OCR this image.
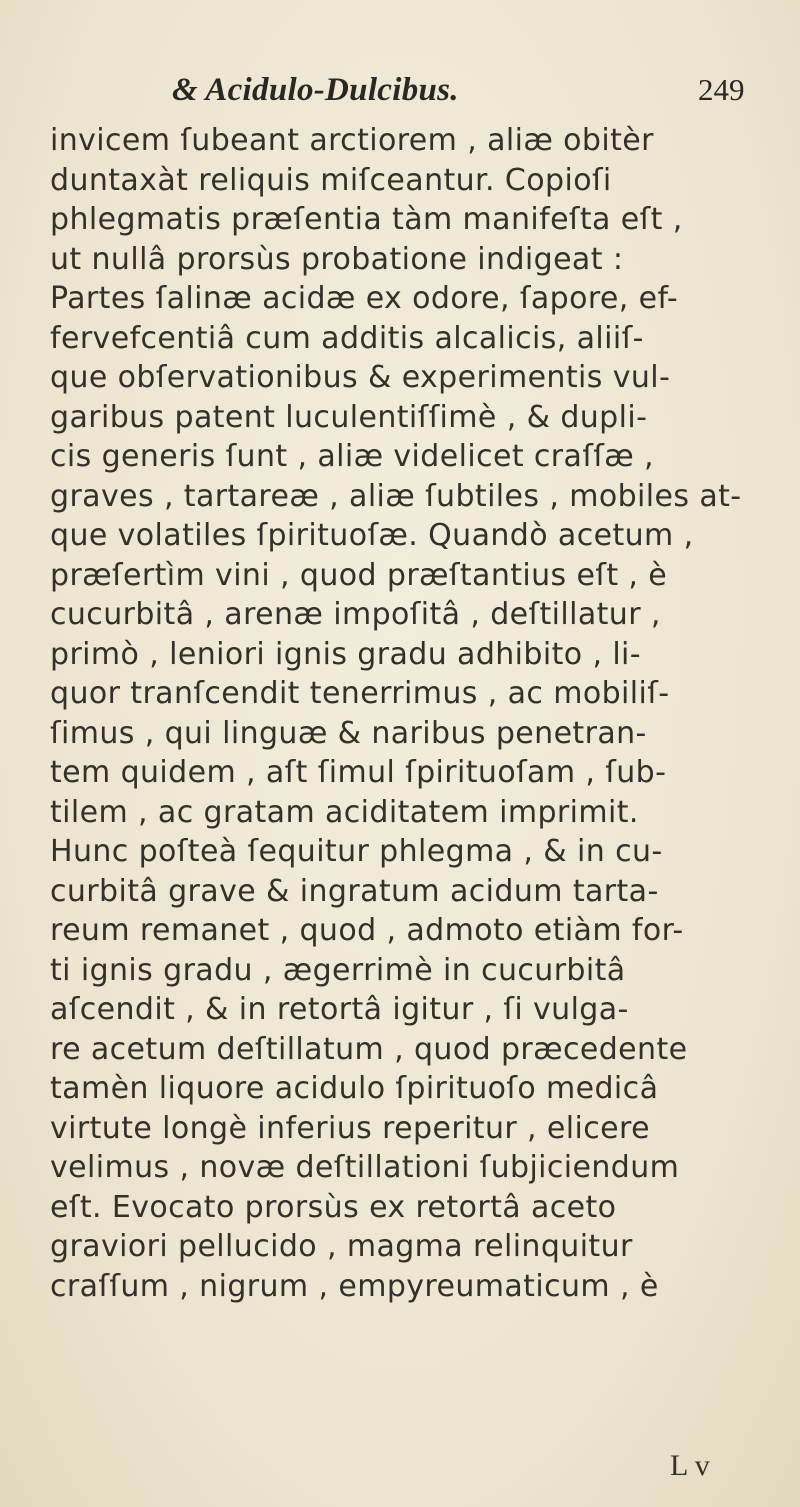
& Acidulo-Dulcibus.	249
invicem ſubeant arctiorem , aliæ obitèr
duntaxàt reliquis miſceantur. Copioſi
phlegmatis præſentia tàm manifeſta eſt ,
ut nullâ prorsùs probatione indigeat :
Partes ſalinæ acidæ ex odore, ſapore, ef-
fervefcentiâ cum additis alcalicis, aliiſ-
que obſervationibus & experimentis vul-
garibus patent luculentiſſimè , & dupli-
cis generis ſunt , aliæ videlicet craſſæ ,
graves , tartareæ , aliæ ſubtiles , mobiles at-
que volatiles ſpirituoſæ. Quandò acetum ,
præſertìm vini , quod præſtantius eſt , è
cucurbitâ , arenæ impoſitâ , deſtillatur ,
primò , leniori ignis gradu adhibito , li-
quor tranſcendit tenerrimus , ac mobiliſ-
ſimus , qui linguæ & naribus penetran-
tem quidem , aſt ſimul ſpirituoſam , ſub-
tilem , ac gratam aciditatem imprimit.
Hunc poſteà ſequitur phlegma , & in cu-
curbitâ grave & ingratum acidum tarta-
reum remanet , quod , admoto etiàm for-
ti ignis gradu , ægerrimè in cucurbitâ
aſcendit , & in retortâ igitur , ſi vulga-
re acetum deſtillatum , quod præcedente
tamèn liquore acidulo ſpirituoſo medicâ
virtute longè inferius reperitur , elicere
velimus , novæ deſtillationi ſubjiciendum
eſt. Evocato prorsùs ex retortâ aceto
graviori pellucido , magma relinquitur
craſſum , nigrum , empyreumaticum , è
L v
